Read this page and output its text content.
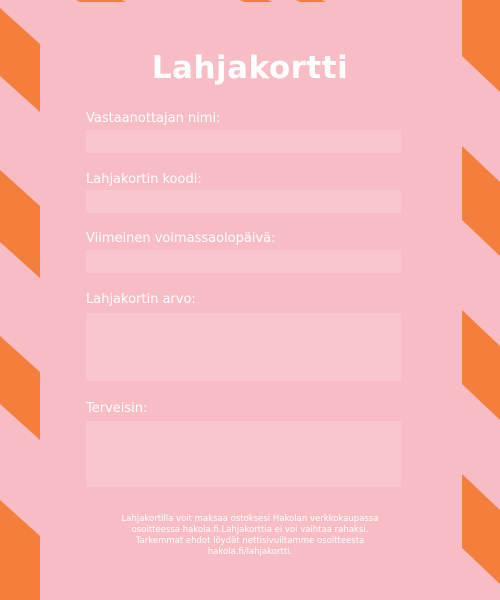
Lahjakortti
Vastaanottajan nimi:
Lahjakortin koodi:
Viimeinen voimassaolopäivä:
Lahjakortin arvo:
Terveisin:
Lahjakortilla voit maksaa ostoksesi Hakolan verkkokaupassa
osoitteessa hakola.fi.Lahjakorttia ei voi vaihtaa rahaksi.
Tarkemmat ehdot löydät nettisivuiltamme osoitteesta
hakola.fi/lahjakortti.
